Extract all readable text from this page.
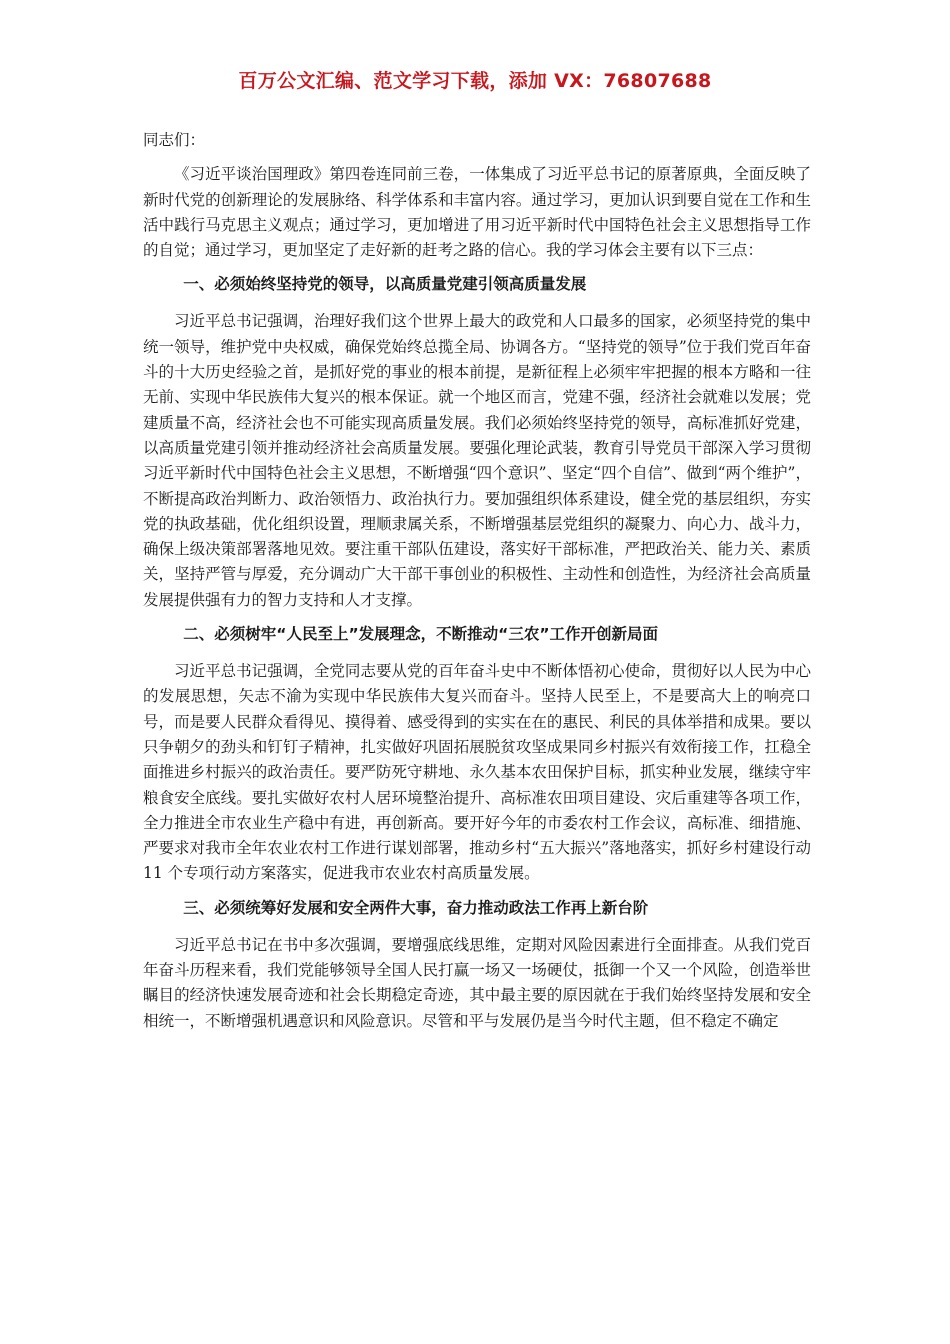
百万公文汇编、范文学习下载，添加 VX：76807688
同志们：

《习近平谈治国理政》第四卷连同前三卷，一体集成了习近平总书记的原著原典，全面反映了新时代党的创新理论的发展脉络、科学体系和丰富内容。通过学习，更加认识到要自觉在工作和生活中践行马克思主义观点；通过学习，更加增进了用习近平新时代中国特色社会主义思想指导工作的自觉；通过学习，更加坚定了走好新的赶考之路的信心。我的学习体会主要有以下三点：

一、必须始终坚持党的领导，以高质量党建引领高质量发展

习近平总书记强调，治理好我们这个世界上最大的政党和人口最多的国家，必须坚持党的集中统一领导，维护党中央权威，确保党始终总揽全局、协调各方。“坚持党的领导”位于我们党百年奋斗的十大历史经验之首，是抓好党的事业的根本前提，是新征程上必须牢牢把握的根本方略和一往无前、实现中华民族伟大复兴的根本保证。就一个地区而言，党建不强，经济社会就难以发展；党建质量不高，经济社会也不可能实现高质量发展。我们必须始终坚持党的领导，高标准抓好党建，以高质量党建引领并推动经济社会高质量发展。要强化理论武装，教育引导党员干部深入学习贯彻习近平新时代中国特色社会主义思想，不断增强“四个意识”、坚定“四个自信”、做到“两个维护”，不断提高政治判断力、政治领悟力、政治执行力。要加强组织体系建设，健全党的基层组织，夯实党的执政基础，优化组织设置，理顺隶属关系，不断增强基层党组织的凝聚力、向心力、战斗力，确保上级决策部署落地见效。要注重干部队伍建设，落实好干部标准，严把政治关、能力关、素质关，坚持严管与厚爱，充分调动广大干部干事创业的积极性、主动性和创造性，为经济社会高质量发展提供强有力的智力支持和人才支撑。

二、必须树牢“人民至上”发展理念，不断推动“三农”工作开创新局面

习近平总书记强调，全党同志要从党的百年奋斗史中不断体悟初心使命，贯彻好以人民为中心的发展思想，矢志不渝为实现中华民族伟大复兴而奋斗。坚持人民至上，不是要高大上的响亮口号，而是要人民群众看得见、摸得着、感受得到的实实在在的惠民、利民的具体举措和成果。要以只争朝夕的劲头和钉钉子精神，扎实做好巩固拓展脱贫攻坚成果同乡村振兴有效衔接工作，扛稳全面推进乡村振兴的政治责任。要严防死守耕地、永久基本农田保护目标，抓实种业发展，继续守牢粮食安全底线。要扎实做好农村人居环境整治提升、高标准农田项目建设、灾后重建等各项工作，全力推进全市农业生产稳中有进，再创新高。要开好今年的市委农村工作会议，高标准、细措施、严要求对我市全年农业农村工作进行谋划部署，推动乡村“五大振兴”落地落实，抓好乡村建设行动 11 个专项行动方案落实，促进我市农业农村高质量发展。

三、必须统筹好发展和安全两件大事，奋力推动政法工作再上新台阶

习近平总书记在书中多次强调，要增强底线思维，定期对风险因素进行全面排查。从我们党百年奋斗历程来看，我们党能够领导全国人民打赢一场又一场硬仗，抵御一个又一个风险，创造举世瞩目的经济快速发展奇迹和社会长期稳定奇迹，其中最主要的原因就在于我们始终坚持发展和安全相统一，不断增强机遇意识和风险意识。尽管和平与发展仍是当今时代主题，但不稳定不确定
